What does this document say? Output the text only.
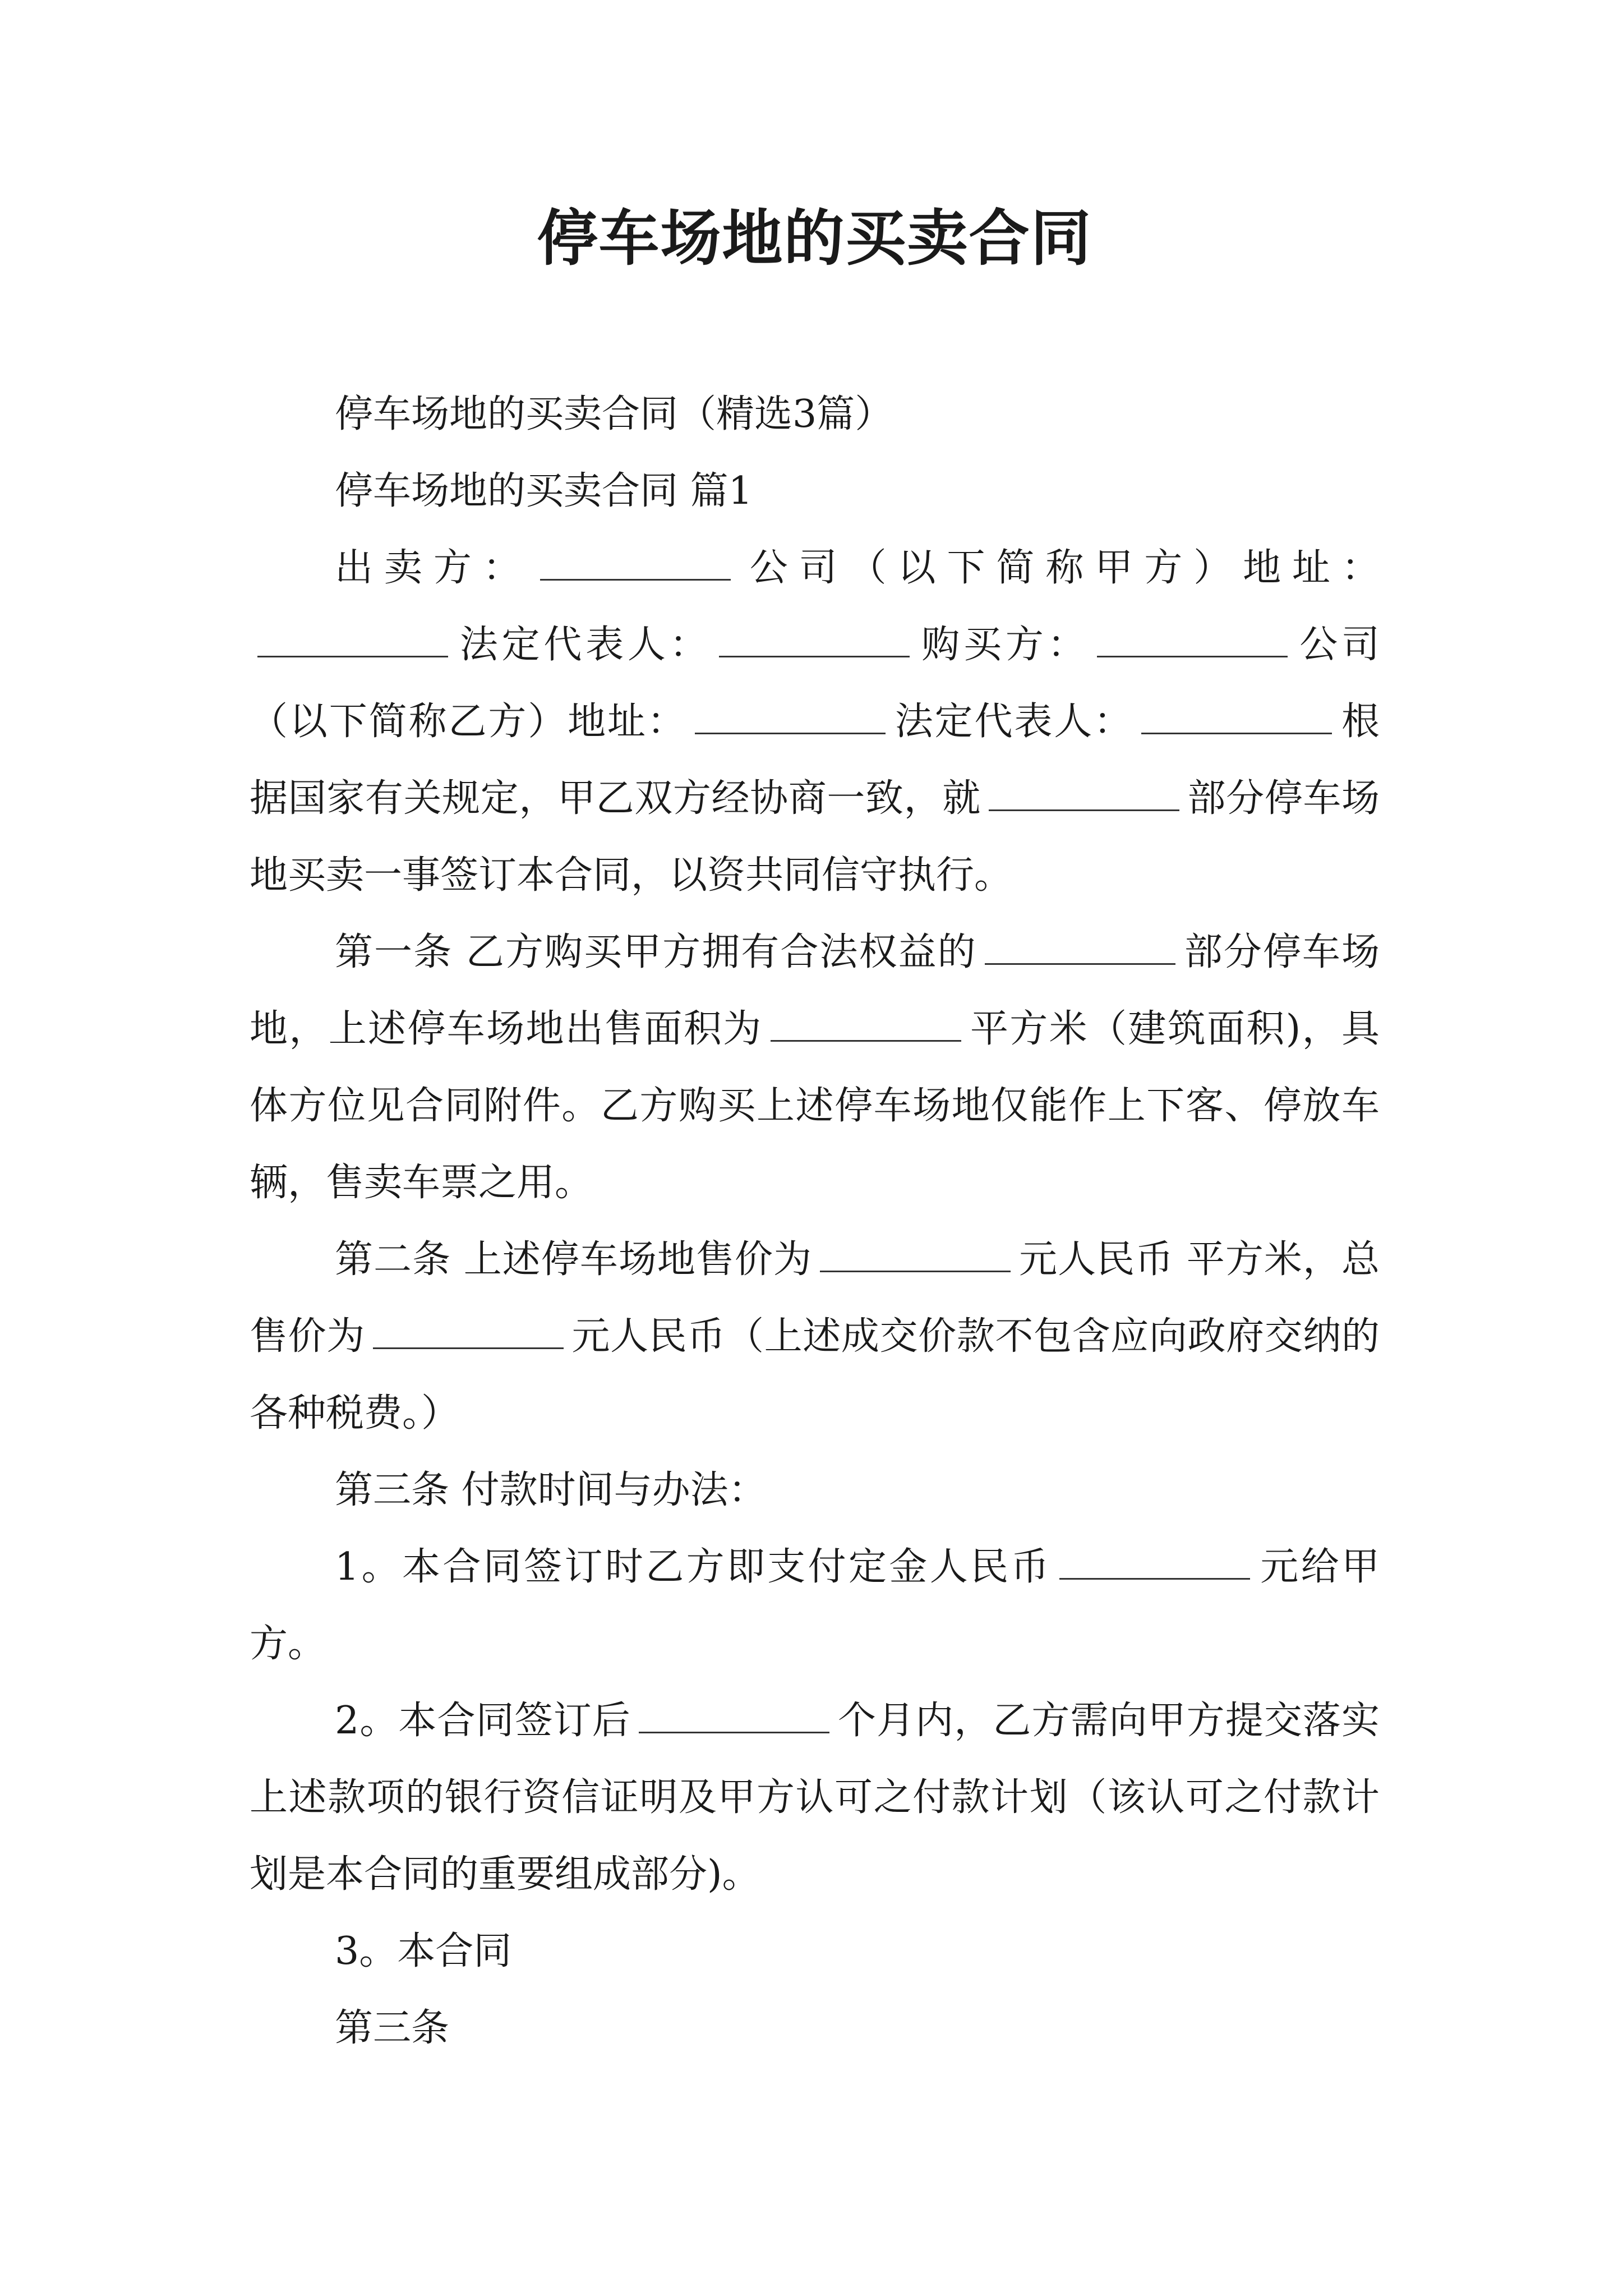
停车场地的买卖合同

停车场地的买卖合同（精选3篇）

停车场地的买卖合同 篇1

出卖方：	公司（以下简称甲方）地址：法定代表人：	购买方：	公司（以下简称乙方）地址：	法定代表人：	根据国家有关规定，甲乙双方经协商一致，就	部分停车场地买卖一事签订本合同，以资共同信守执行。

第一条 乙方购买甲方拥有合法权益的	部分停车场地，上述停车场地出售面积为	平方米（建筑面积)，具体方位见合同附件。乙方购买上述停车场地仅能作上下客、停放车辆，售卖车票之用。

第二条 上述停车场地售价为	元人民币 平方米，总售价为	元人民币（上述成交价款不包含应向政府交纳的各种税费。）

第三条 付款时间与办法：

1。本合同签订时乙方即支付定金人民币	元给甲方。

2。本合同签订后	个月内，乙方需向甲方提交落实上述款项的银行资信证明及甲方认可之付款计划（该认可之付款计划是本合同的重要组成部分)。

3。本合同

第三条
